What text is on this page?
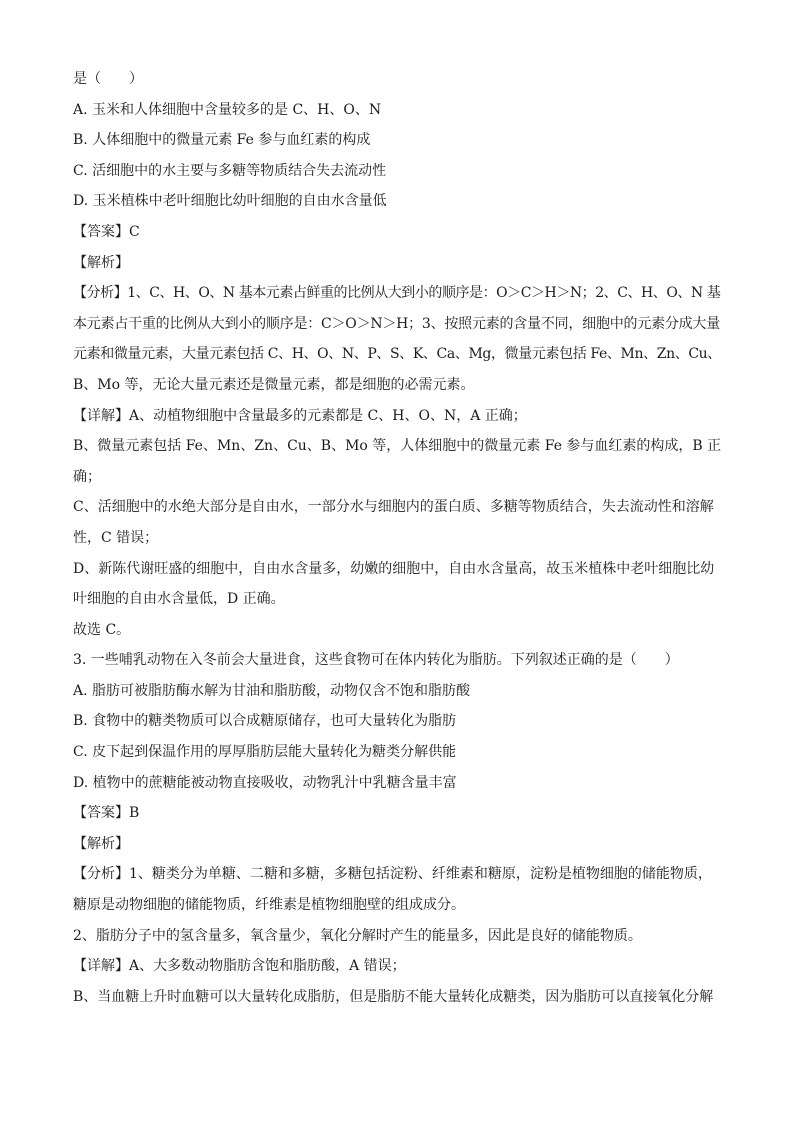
是（　　）
A. 玉米和人体细胞中含量较多的是 C、H、O、N
B. 人体细胞中的微量元素 Fe 参与血红素的构成
C. 活细胞中的水主要与多糖等物质结合失去流动性
D. 玉米植株中老叶细胞比幼叶细胞的自由水含量低
【答案】C
【解析】
【分析】1、C、H、O、N 基本元素占鲜重的比例从大到小的顺序是：O＞C＞H＞N；2、C、H、O、N 基
本元素占干重的比例从大到小的顺序是：C＞O＞N＞H；3、按照元素的含量不同，细胞中的元素分成大量
元素和微量元素，大量元素包括 C、H、O、N、P、S、K、Ca、Mg，微量元素包括 Fe、Mn、Zn、Cu、
B、Mo 等，无论大量元素还是微量元素，都是细胞的必需元素。
【详解】A、动植物细胞中含量最多的元素都是 C、H、O、N，A 正确；
B、微量元素包括 Fe、Mn、Zn、Cu、B、Mo 等，人体细胞中的微量元素 Fe 参与血红素的构成，B 正
确；
C、活细胞中的水绝大部分是自由水，一部分水与细胞内的蛋白质、多糖等物质结合，失去流动性和溶解
性，C 错误；
D、新陈代谢旺盛的细胞中，自由水含量多，幼嫩的细胞中，自由水含量高，故玉米植株中老叶细胞比幼
叶细胞的自由水含量低，D 正确。
故选 C。
3. 一些哺乳动物在入冬前会大量进食，这些食物可在体内转化为脂肪。下列叙述正确的是（　　）
A. 脂肪可被脂肪酶水解为甘油和脂肪酸，动物仅含不饱和脂肪酸
B. 食物中的糖类物质可以合成糖原储存，也可大量转化为脂肪
C. 皮下起到保温作用的厚厚脂肪层能大量转化为糖类分解供能
D. 植物中的蔗糖能被动物直接吸收，动物乳汁中乳糖含量丰富
【答案】B
【解析】
【分析】1、糖类分为单糖、二糖和多糖，多糖包括淀粉、纤维素和糖原，淀粉是植物细胞的储能物质，
糖原是动物细胞的储能物质，纤维素是植物细胞壁的组成成分。
2、脂肪分子中的氢含量多，氧含量少，氧化分解时产生的能量多，因此是良好的储能物质。
【详解】A、大多数动物脂肪含饱和脂肪酸，A 错误；
B、当血糖上升时血糖可以大量转化成脂肪，但是脂肪不能大量转化成糖类，因为脂肪可以直接氧化分解
